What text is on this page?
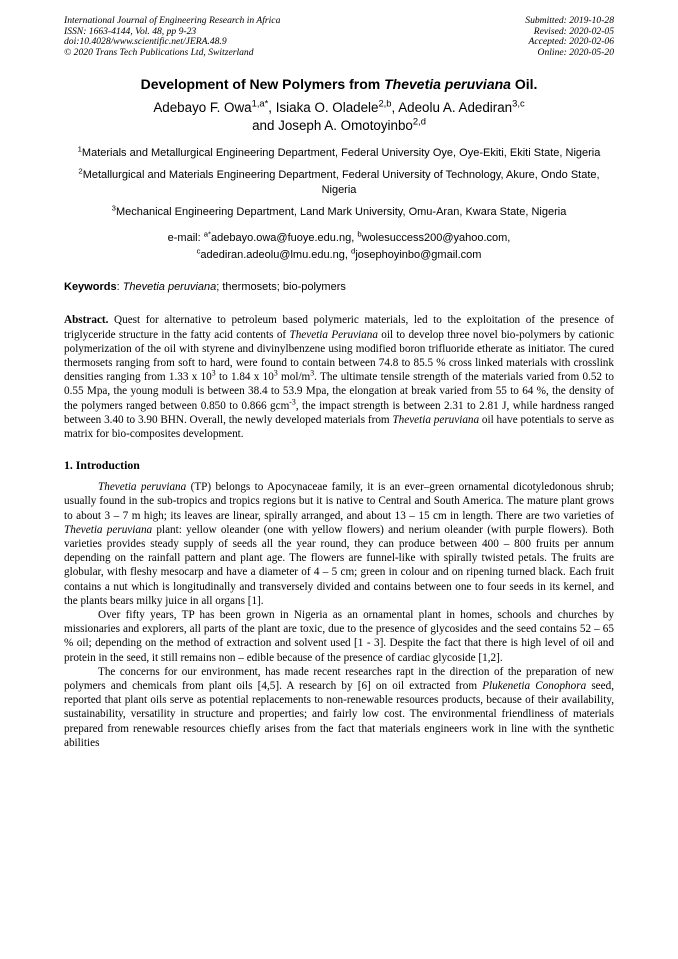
International Journal of Engineering Research in Africa
ISSN: 1663-4144, Vol. 48, pp 9-23
doi:10.4028/www.scientific.net/JERA.48.9
© 2020 Trans Tech Publications Ltd, Switzerland
Submitted: 2019-10-28
Revised: 2020-02-05
Accepted: 2020-02-06
Online: 2020-05-20
Development of New Polymers from Thevetia peruviana Oil.
Adebayo F. Owa$^{1,a*}$, Isiaka O. Oladele$^{2,b}$, Adeolu A. Adediran$^{3,c}$
and Joseph A. Omotoyinbo$^{2,d}$
$^1$Materials and Metallurgical Engineering Department, Federal University Oye, Oye-Ekiti, Ekiti State, Nigeria
$^2$Metallurgical and Materials Engineering Department, Federal University of Technology, Akure, Ondo State, Nigeria
$^3$Mechanical Engineering Department, Land Mark University, Omu-Aran, Kwara State, Nigeria
e-mail: $^{a*}$adebayo.owa@fuoye.edu.ng, $^b$wolesuccess200@yahoo.com,
$^c$adediran.adeolu@lmu.edu.ng, $^d$josephoyinbo@gmail.com
Keywords: Thevetia peruviana; thermosets; bio-polymers
Abstract. Quest for alternative to petroleum based polymeric materials, led to the exploitation of the presence of triglyceride structure in the fatty acid contents of Thevetia Peruviana oil to develop three novel bio-polymers by cationic polymerization of the oil with styrene and divinylbenzene using modified boron trifluoride etherate as initiator. The cured thermosets ranging from soft to hard, were found to contain between 74.8 to 85.5 % cross linked materials with crosslink densities ranging from 1.33 x $10^3$ to 1.84 x $10^3$ mol/$m^3$. The ultimate tensile strength of the materials varied from 0.52 to 0.55 Mpa, the young moduli is between 38.4 to 53.9 Mpa, the elongation at break varied from 55 to 64 %, the density of the polymers ranged between 0.850 to 0.866 gcm$^{-3}$, the impact strength is between 2.31 to 2.81 J, while hardness ranged between 3.40 to 3.90 BHN. Overall, the newly developed materials from Thevetia peruviana oil have potentials to serve as matrix for bio-composites development.
1. Introduction
Thevetia peruviana (TP) belongs to Apocynaceae family, it is an ever–green ornamental dicotyledonous shrub; usually found in the sub-tropics and tropics regions but it is native to Central and South America. The mature plant grows to about 3 – 7 m high; its leaves are linear, spirally arranged, and about 13 – 15 cm in length. There are two varieties of Thevetia peruviana plant: yellow oleander (one with yellow flowers) and nerium oleander (with purple flowers). Both varieties provides steady supply of seeds all the year round, they can produce between 400 – 800 fruits per annum depending on the rainfall pattern and plant age. The flowers are funnel-like with spirally twisted petals. The fruits are globular, with fleshy mesocarp and have a diameter of 4 – 5 cm; green in colour and on ripening turned black. Each fruit contains a nut which is longitudinally and transversely divided and contains between one to four seeds in its kernel, and the plants bears milky juice in all organs [1].
Over fifty years, TP has been grown in Nigeria as an ornamental plant in homes, schools and churches by missionaries and explorers, all parts of the plant are toxic, due to the presence of glycosides and the seed contains 52 – 65 % oil; depending on the method of extraction and solvent used [1 - 3]. Despite the fact that there is high level of oil and protein in the seed, it still remains non – edible because of the presence of cardiac glycoside [1,2].
The concerns for our environment, has made recent researches rapt in the direction of the preparation of new polymers and chemicals from plant oils [4,5]. A research by [6] on oil extracted from Plukenetia Conophora seed, reported that plant oils serve as potential replacements to non-renewable resources products, because of their availability, sustainability, versatility in structure and properties; and fairly low cost. The environmental friendliness of materials prepared from renewable resources chiefly arises from the fact that materials engineers work in line with the synthetic abilities
